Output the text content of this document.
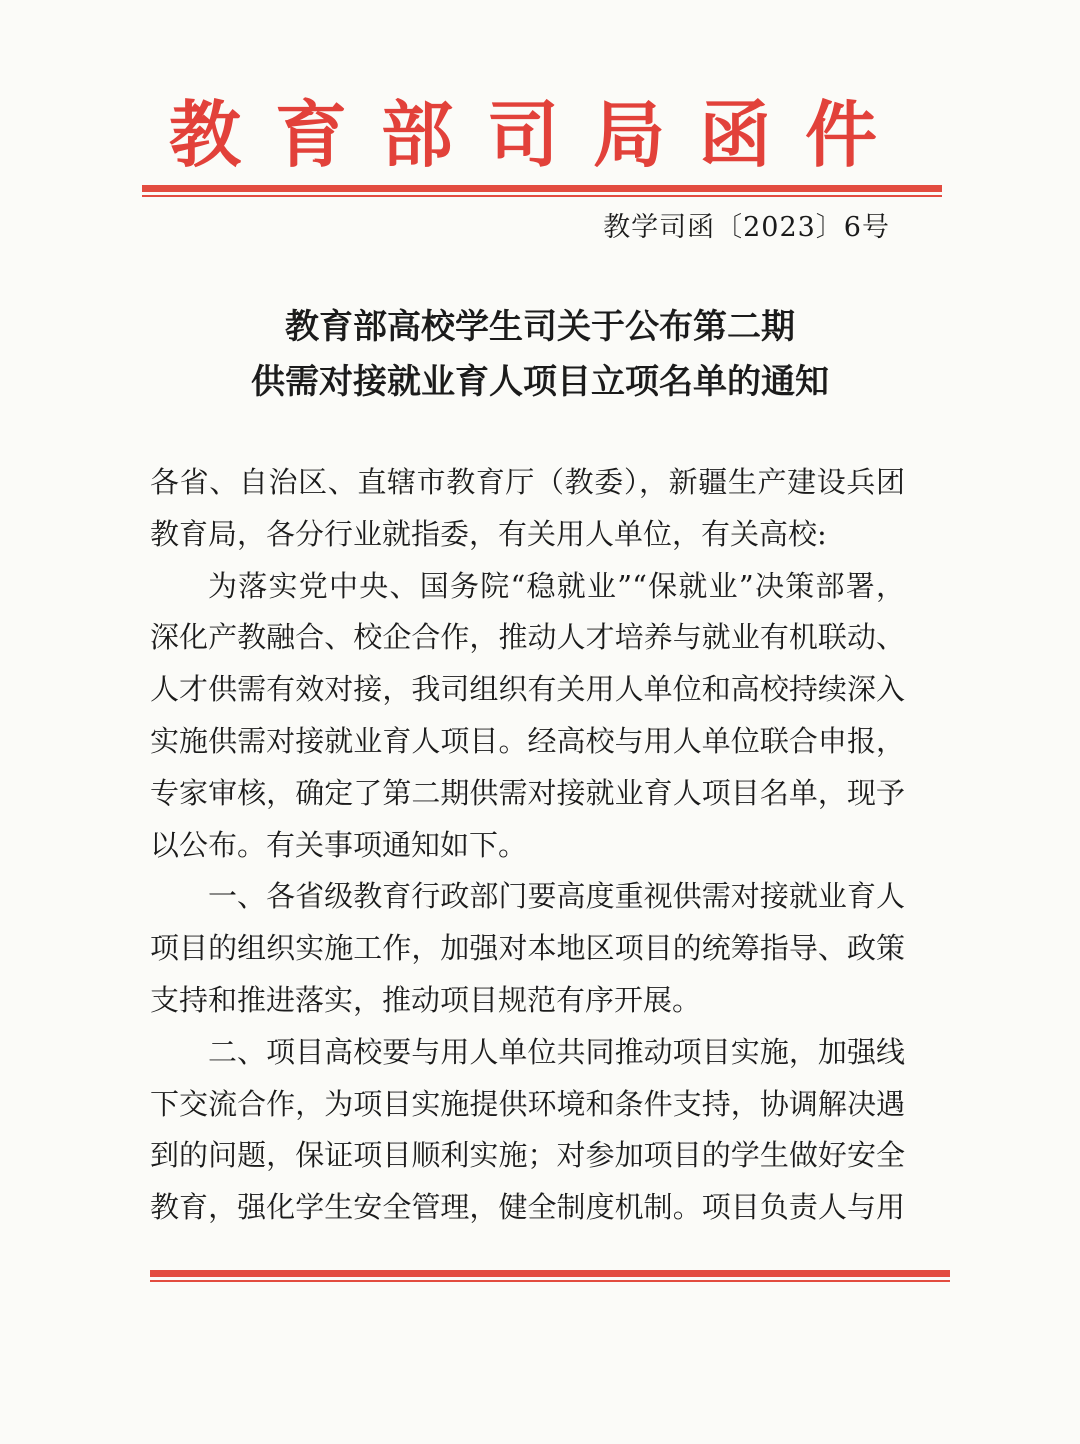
教育部司局函件
教学司函〔2023〕6号
教育部高校学生司关于公布第二期
供需对接就业育人项目立项名单的通知

各省、自治区、直辖市教育厅（教委），新疆生产建设兵团教育局，各分行业就指委，有关用人单位，有关高校:

为落实党中央、国务院“稳就业”“保就业”决策部署，深化产教融合、校企合作，推动人才培养与就业有机联动、人才供需有效对接，我司组织有关用人单位和高校持续深入实施供需对接就业育人项目。经高校与用人单位联合申报，专家审核，确定了第二期供需对接就业育人项目名单，现予以公布。有关事项通知如下。

一、各省级教育行政部门要高度重视供需对接就业育人项目的组织实施工作，加强对本地区项目的统筹指导、政策支持和推进落实，推动项目规范有序开展。

二、项目高校要与用人单位共同推动项目实施，加强线下交流合作，为项目实施提供环境和条件支持，协调解决遇到的问题，保证项目顺利实施；对参加项目的学生做好安全教育，强化学生安全管理，健全制度机制。项目负责人与用
